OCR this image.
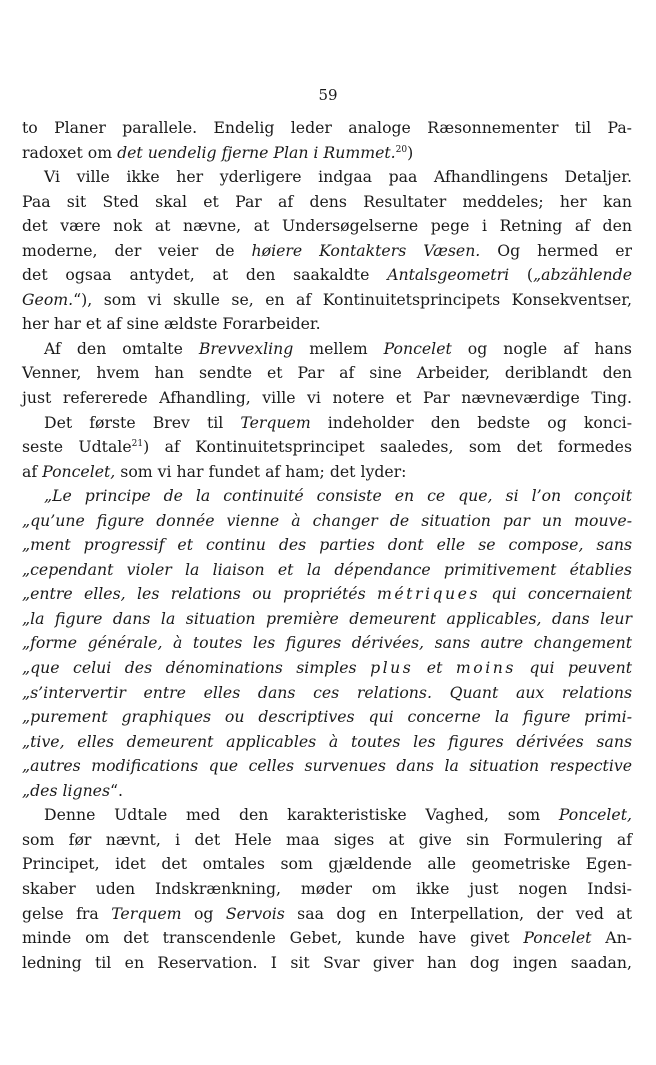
59
to Planer parallele. Endelig leder analoge Ræsonnementer til Pa-
radoxet om det uendelig fjerne Plan i Rummet.$^{20}$)
Vi ville ikke her yderligere indgaa paa Afhandlingens Detaljer.
Paa sit Sted skal et Par af dens Resultater meddeles; her kan
det være nok at nævne, at Undersøgelserne pege i Retning af den
moderne, der veier de høiere Kontakters Væsen. Og hermed er
det ogsaa antydet, at den saakaldte Antalsgeometri („abzählende
Geom.“), som vi skulle se, en af Kontinuitetsprincipets Konsekventser,
her har et af sine ældste Forarbeider.
Af den omtalte Brevvexling mellem Poncelet og nogle af hans
Venner, hvem han sendte et Par af sine Arbeider, deriblandt den
just refererede Afhandling, ville vi notere et Par nævneværdige Ting.
Det første Brev til Terquem indeholder den bedste og konci-
seste Udtale$^{21}$) af Kontinuitetsprincipet saaledes, som det formedes
af Poncelet, som vi har fundet af ham; det lyder:
„Le principe de la continuité consiste en ce que, si l’on conçoit
„qu’une figure donnée vienne à changer de situation par un mouve-
„ment progressif et continu des parties dont elle se compose, sans
„cependant violer la liaison et la dépendance primitivement établies
„entre elles, les relations ou propriétés métriques qui concernaient
„la figure dans la situation première demeurent applicables, dans leur
„forme générale, à toutes les figures dérivées, sans autre changement
„que celui des dénominations simples plus et moins qui peuvent
„s’intervertir entre elles dans ces relations. Quant aux relations
„purement graphiques ou descriptives qui concerne la figure primi-
„tive, elles demeurent applicables à toutes les figures dérivées sans
„autres modifications que celles survenues dans la situation respective
„des lignes“.
Denne Udtale med den karakteristiske Vaghed, som Poncelet,
som før nævnt, i det Hele maa siges at give sin Formulering af
Principet, idet det omtales som gjældende alle geometriske Egen-
skaber uden Indskrænkning, møder om ikke just nogen Indsi-
gelse fra Terquem og Servois saa dog en Interpellation, der ved at
minde om det transcendenle Gebet, kunde have givet Poncelet An-
ledning til en Reservation. I sit Svar giver han dog ingen saadan,
